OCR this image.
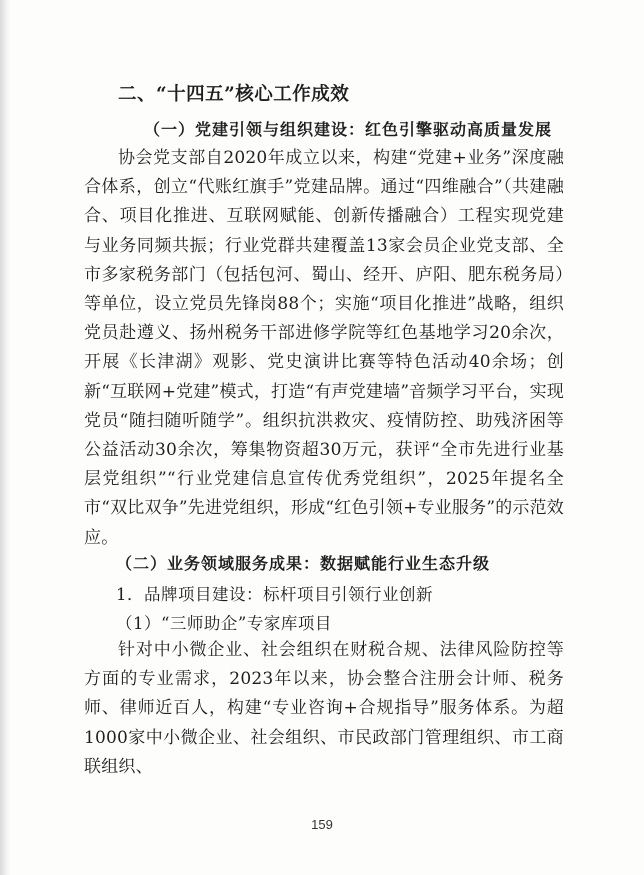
二、“十四五”核心工作成效
（一）党建引领与组织建设：红色引擎驱动高质量发展
协会党支部自2020年成立以来，构建“党建+业务”深度融合体系，创立“代账红旗手”党建品牌。通过“四维融合”（共建融合、项目化推进、互联网赋能、创新传播融合）工程实现党建与业务同频共振；行业党群共建覆盖13家会员企业党支部、全市多家税务部门（包括包河、蜀山、经开、庐阳、肥东税务局）等单位，设立党员先锋岗88个；实施“项目化推进”战略，组织党员赴遵义、扬州税务干部进修学院等红色基地学习20余次，开展《长津湖》观影、党史演讲比赛等特色活动40余场；创新“互联网+党建”模式，打造“有声党建墙”音频学习平台，实现党员“随扫随听随学”。组织抗洪救灾、疫情防控、助残济困等公益活动30余次，筹集物资超30万元，获评“全市先进行业基层党组织”“行业党建信息宣传优秀党组织”，2025年提名全市“双比双争”先进党组织，形成“红色引领+专业服务”的示范效应。
（二）业务领域服务成果：数据赋能行业生态升级
1．品牌项目建设：标杆项目引领行业创新
（1）“三师助企”专家库项目
针对中小微企业、社会组织在财税合规、法律风险防控等方面的专业需求，2023年以来，协会整合注册会计师、税务师、律师近百人，构建“专业咨询+合规指导”服务体系。为超1000家中小微企业、社会组织、市民政部门管理组织、市工商联组织、
159
